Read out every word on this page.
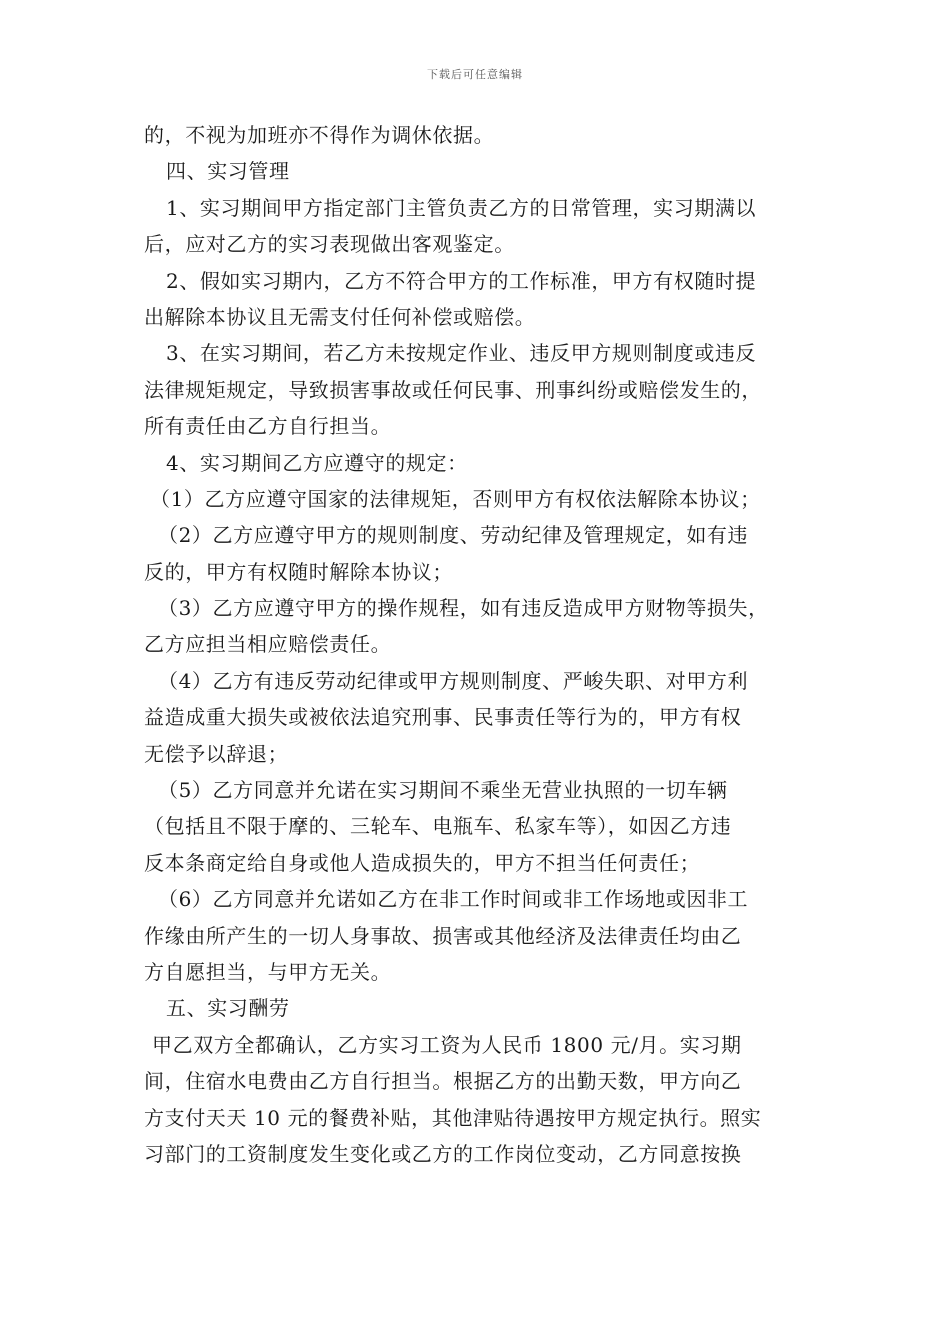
下载后可任意编辑
的，不视为加班亦不得作为调休依据。
四、实习管理
1、实习期间甲方指定部门主管负责乙方的日常管理，实习期满以
后，应对乙方的实习表现做出客观鉴定。
2、假如实习期内，乙方不符合甲方的工作标准，甲方有权随时提
出解除本协议且无需支付任何补偿或赔偿。
3、在实习期间，若乙方未按规定作业、违反甲方规则制度或违反
法律规矩规定，导致损害事故或任何民事、刑事纠纷或赔偿发生的，
所有责任由乙方自行担当。
4、实习期间乙方应遵守的规定：
（1）乙方应遵守国家的法律规矩，否则甲方有权依法解除本协议；
（2）乙方应遵守甲方的规则制度、劳动纪律及管理规定，如有违
反的，甲方有权随时解除本协议；
（3）乙方应遵守甲方的操作规程，如有违反造成甲方财物等损失，
乙方应担当相应赔偿责任。
（4）乙方有违反劳动纪律或甲方规则制度、严峻失职、对甲方利
益造成重大损失或被依法追究刑事、民事责任等行为的，甲方有权
无偿予以辞退；
（5）乙方同意并允诺在实习期间不乘坐无营业执照的一切车辆
（包括且不限于摩的、三轮车、电瓶车、私家车等），如因乙方违
反本条商定给自身或他人造成损失的，甲方不担当任何责任；
（6）乙方同意并允诺如乙方在非工作时间或非工作场地或因非工
作缘由所产生的一切人身事故、损害或其他经济及法律责任均由乙
方自愿担当，与甲方无关。
五、实习酬劳
甲乙双方全都确认，乙方实习工资为人民币 1800 元/月。实习期
间，住宿水电费由乙方自行担当。根据乙方的出勤天数，甲方向乙
方支付天天 10 元的餐费补贴，其他津贴待遇按甲方规定执行。照实
习部门的工资制度发生变化或乙方的工作岗位变动，乙方同意按换
